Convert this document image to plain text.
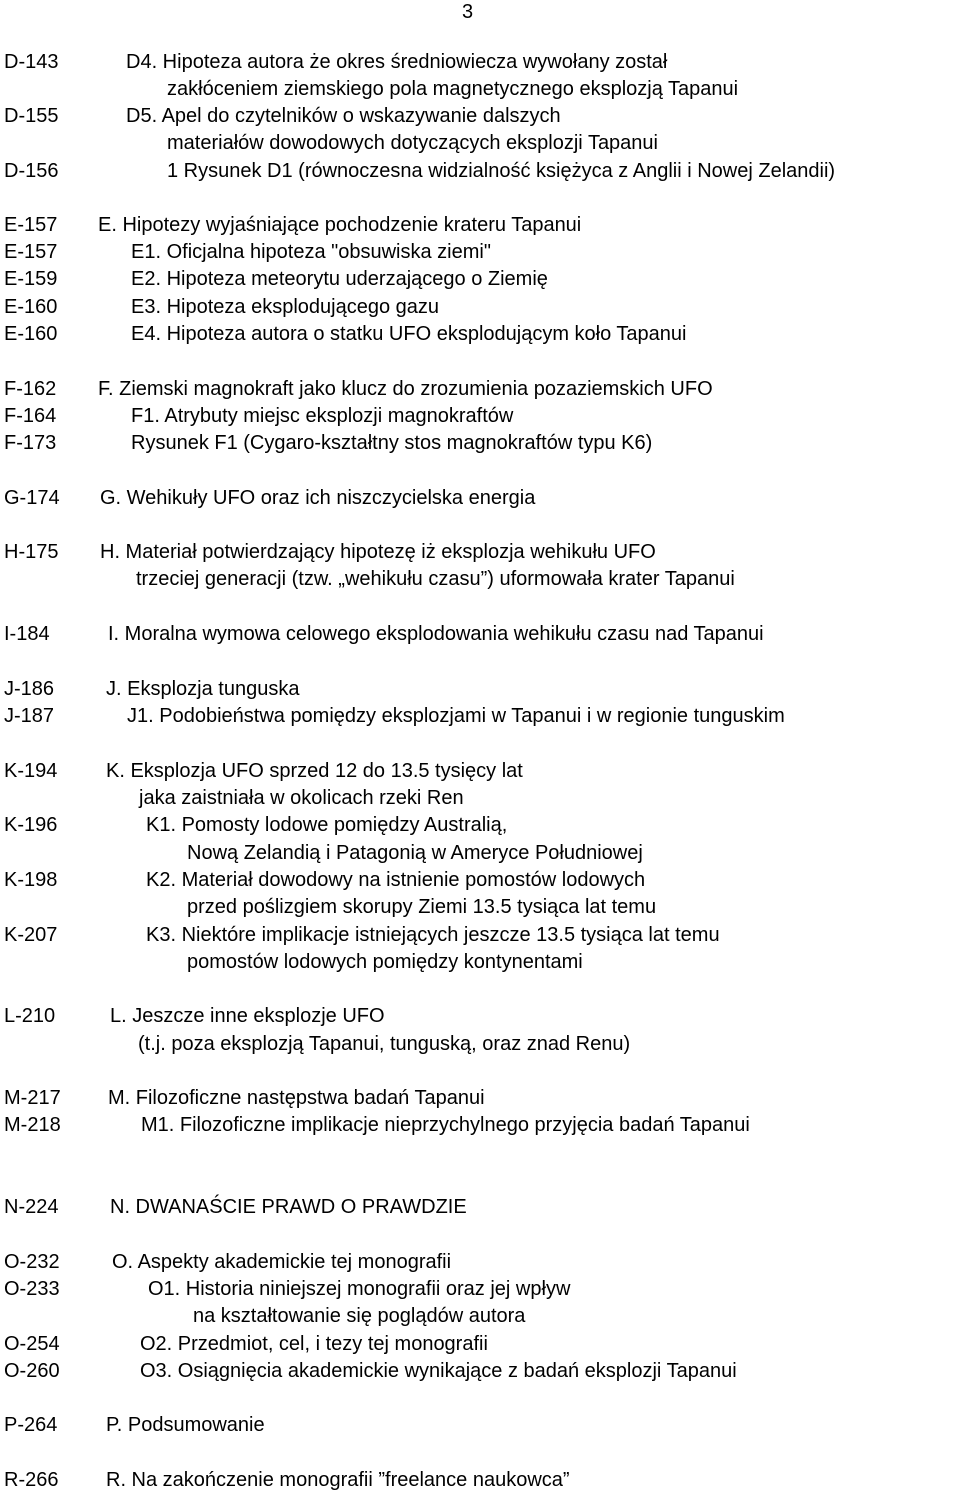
3
D-143	D4. Hipoteza autora że okres średniowiecza wywołany został
zakłóceniem ziemskiego pola magnetycznego eksplozją Tapanui
D-155	D5. Apel do czytelników o wskazywanie dalszych
materiałów dowodowych dotyczących eksplozji Tapanui
D-156	1 Rysunek D1 (równoczesna widzialność księżyca z Anglii i Nowej Zelandii)
E-157 E. Hipotezy wyjaśniające pochodzenie krateru Tapanui
E-157	E1. Oficjalna hipoteza "obsuwiska ziemi"
E-159	E2. Hipoteza meteorytu uderzającego o Ziemię
E-160	E3. Hipoteza eksplodującego gazu
E-160	E4. Hipoteza autora o statku UFO eksplodującym koło Tapanui
F-162 F. Ziemski magnokraft jako klucz do zrozumienia pozaziemskich UFO
F-164	F1. Atrybuty miejsc eksplozji magnokraftów
F-173	Rysunek F1 (Cygaro-kształtny stos magnokraftów typu K6)
G-174 G. Wehikuły UFO oraz ich niszczycielska energia
H-175 H. Materiał potwierdzający hipotezę iż eksplozja wehikułu UFO
trzeciej generacji (tzw. „wehikułu czasu”) uformowała krater Tapanui
I-184	I. Moralna wymowa celowego eksplodowania wehikułu czasu nad Tapanui
J-186	J. Eksplozja tunguska
J-187	J1. Podobieństwa pomiędzy eksplozjami w Tapanui i w regionie tunguskim
K-194 K. Eksplozja UFO sprzed 12 do 13.5 tysięcy lat
jaka zaistniała w okolicach rzeki Ren
K-196	K1. Pomosty lodowe pomiędzy Australią,
Nową Zelandią i Patagonią w Ameryce Południowej
K-198	K2. Materiał dowodowy na istnienie pomostów lodowych
przed poślizgiem skorupy Ziemi 13.5 tysiąca lat temu
K-207	K3. Niektóre implikacje istniejących jeszcze 13.5 tysiąca lat temu
pomostów lodowych pomiędzy kontynentami
L-210	L. Jeszcze inne eksplozje UFO
(t.j. poza eksplozją Tapanui, tunguską, oraz znad Renu)
M-217 M. Filozoficzne następstwa badań Tapanui
M-218	M1. Filozoficzne implikacje nieprzychylnego przyjęcia badań Tapanui
N-224	N. DWANAŚCIE PRAWD O PRAWDZIE
O-232	O. Aspekty akademickie tej monografii
O-233	O1. Historia niniejszej monografii oraz jej wpływ
na kształtowanie się poglądów autora
O-254	O2. Przedmiot, cel, i tezy tej monografii
O-260	O3. Osiągnięcia akademickie wynikające z badań eksplozji Tapanui
P-264 P. Podsumowanie
R-266 R. Na zakończenie monografii ”freelance naukowca”
